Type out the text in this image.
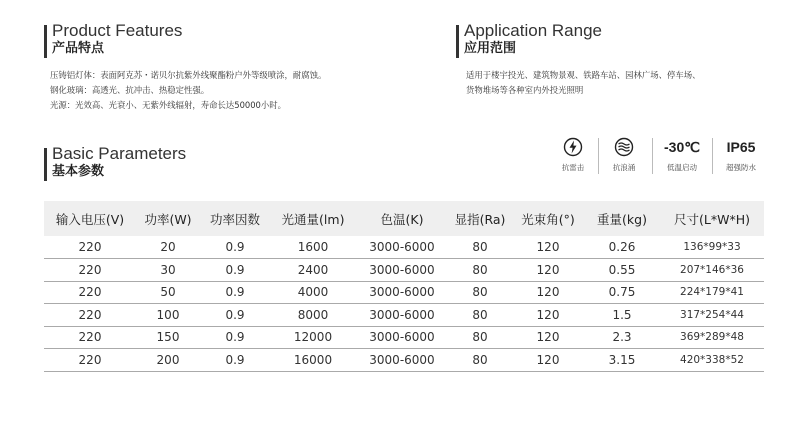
Product Features
产品特点
压铸铝灯体：表面阿克苏・诺贝尔抗紫外线聚酯粉户外等级喷涂，耐腐蚀。
钢化玻璃：高透光、抗冲击、热稳定性强。
光源：光效高、光衰小、无紫外线辐射，寿命长达50000小时。
Application Range
应用范围
适用于楼宇投光、建筑物景观、铁路车站、园林广场、停车场、
货物堆场等各种室内外投光照明
Basic Parameters
基本参数	抗雷击	抗浪涌
-30℃
低温启动
IP65
超强防水
输入电压(V)	功率(W)	功率因数	光通量(lm)	色温(K)	显指(Ra)	光束角(°)	重量(kg)	尺寸(L*W*H)
220	20	0.9	1600	3000-6000	80	120	0.26	136*99*33
220	30	0.9	2400	3000-6000	80	120	0.55	207*146*36
220	50	0.9	4000	3000-6000	80	120	0.75	224*179*41
220	100	0.9	8000	3000-6000	80	120	1.5	317*254*44
220	150	0.9	12000	3000-6000	80	120	2.3	369*289*48
220	200	0.9	16000	3000-6000	80	120	3.15	420*338*52
